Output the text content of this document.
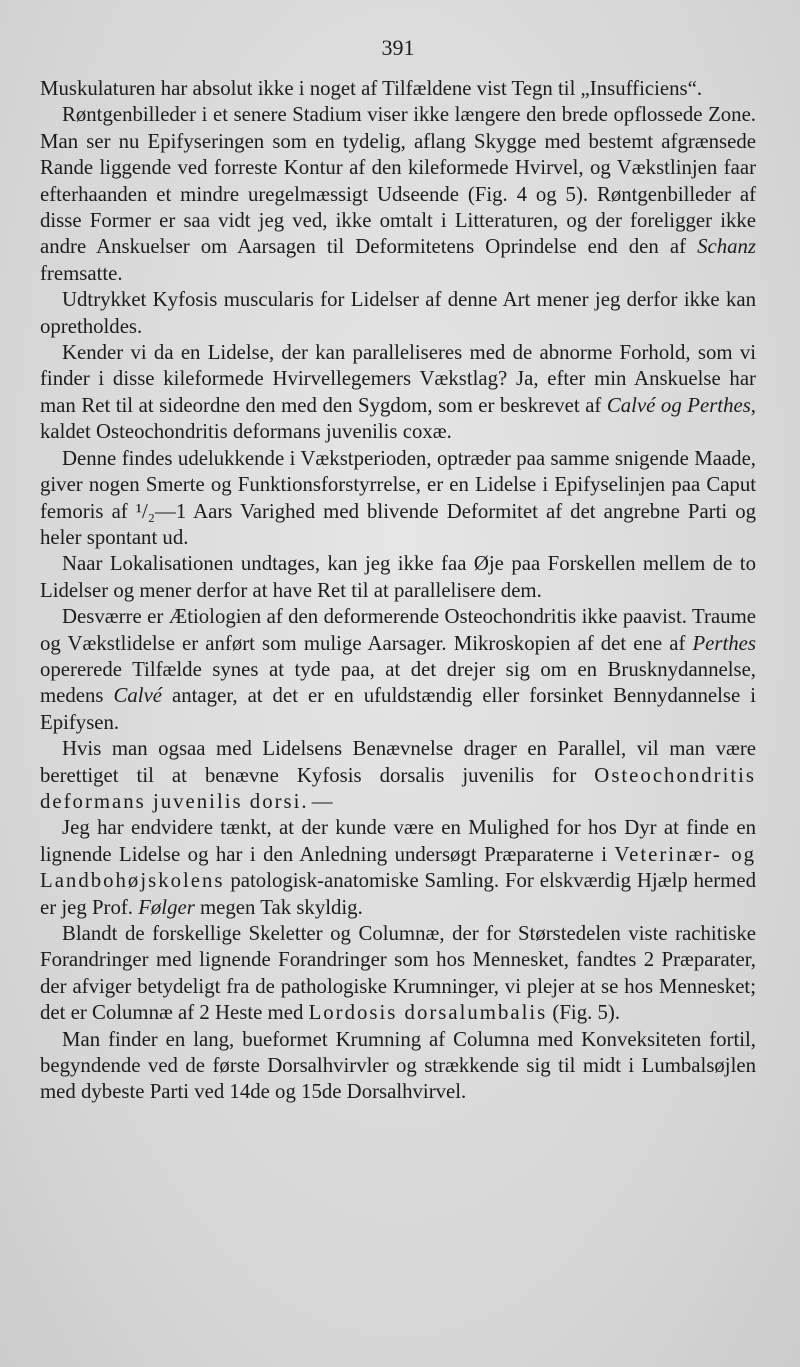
391

Muskulaturen har absolut ikke i noget af Tilfældene vist Tegn til „Insufficiens“.

Røntgenbilleder i et senere Stadium viser ikke længere den brede opflossede Zone. Man ser nu Epifyseringen som en tydelig, aflang Skygge med bestemt afgrænsede Rande liggende ved forreste Kontur af den kileformede Hvirvel, og Vækstlinjen faar efterhaanden et mindre uregelmæssigt Udseende (Fig. 4 og 5). Røntgenbilleder af disse Former er saa vidt jeg ved, ikke omtalt i Litteraturen, og der foreligger ikke andre Anskuelser om Aarsagen til Deformitetens Oprindelse end den af Schanz fremsatte.

Udtrykket Kyfosis muscularis for Lidelser af denne Art mener jeg derfor ikke kan opretholdes.

Kender vi da en Lidelse, der kan paralleliseres med de abnorme Forhold, som vi finder i disse kileformede Hvirvellegemers Vækstlag? Ja, efter min Anskuelse har man Ret til at sideordne den med den Sygdom, som er beskrevet af Calvé og Perthes, kaldet Osteochondritis deformans juvenilis coxæ.

Denne findes udelukkende i Vækstperioden, optræder paa samme snigende Maade, giver nogen Smerte og Funktionsforstyrrelse, er en Lidelse i Epifyselinjen paa Caput femoris af ¹/₂—1 Aars Varighed med blivende Deformitet af det angrebne Parti og heler spontant ud.

Naar Lokalisationen undtages, kan jeg ikke faa Øje paa Forskellen mellem de to Lidelser og mener derfor at have Ret til at parallelisere dem.

Desværre er Ætiologien af den deformerende Osteochondritis ikke paavist. Traume og Vækstlidelse er anført som mulige Aarsager. Mikroskopien af det ene af Perthes opererede Tilfælde synes at tyde paa, at det drejer sig om en Brusknydannelse, medens Calvé antager, at det er en ufuldstændig eller forsinket Bennydannelse i Epifysen.

Hvis man ogsaa med Lidelsens Benævnelse drager en Parallel, vil man være berettiget til at benævne Kyfosis dorsalis juvenilis for Osteochondritis deformans juvenilis dorsi. —

Jeg har endvidere tænkt, at der kunde være en Mulighed for hos Dyr at finde en lignende Lidelse og har i den Anledning undersøgt Præparaterne i Veterinær- og Landbohøjskolens patologisk-anatomiske Samling. For elskværdig Hjælp hermed er jeg Prof. Følger megen Tak skyldig.

Blandt de forskellige Skeletter og Columnæ, der for Størstedelen viste rachitiske Forandringer med lignende Forandringer som hos Mennesket, fandtes 2 Præparater, der afviger betydeligt fra de pathologiske Krumninger, vi plejer at se hos Mennesket; det er Columnæ af 2 Heste med Lordosis dorsalumbalis (Fig. 5).

Man finder en lang, bueformet Krumning af Columna med Konveksiteten fortil, begyndende ved de første Dorsalhvirvler og strækkende sig til midt i Lumbalsøjlen med dybeste Parti ved 14de og 15de Dorsalhvirvel.
